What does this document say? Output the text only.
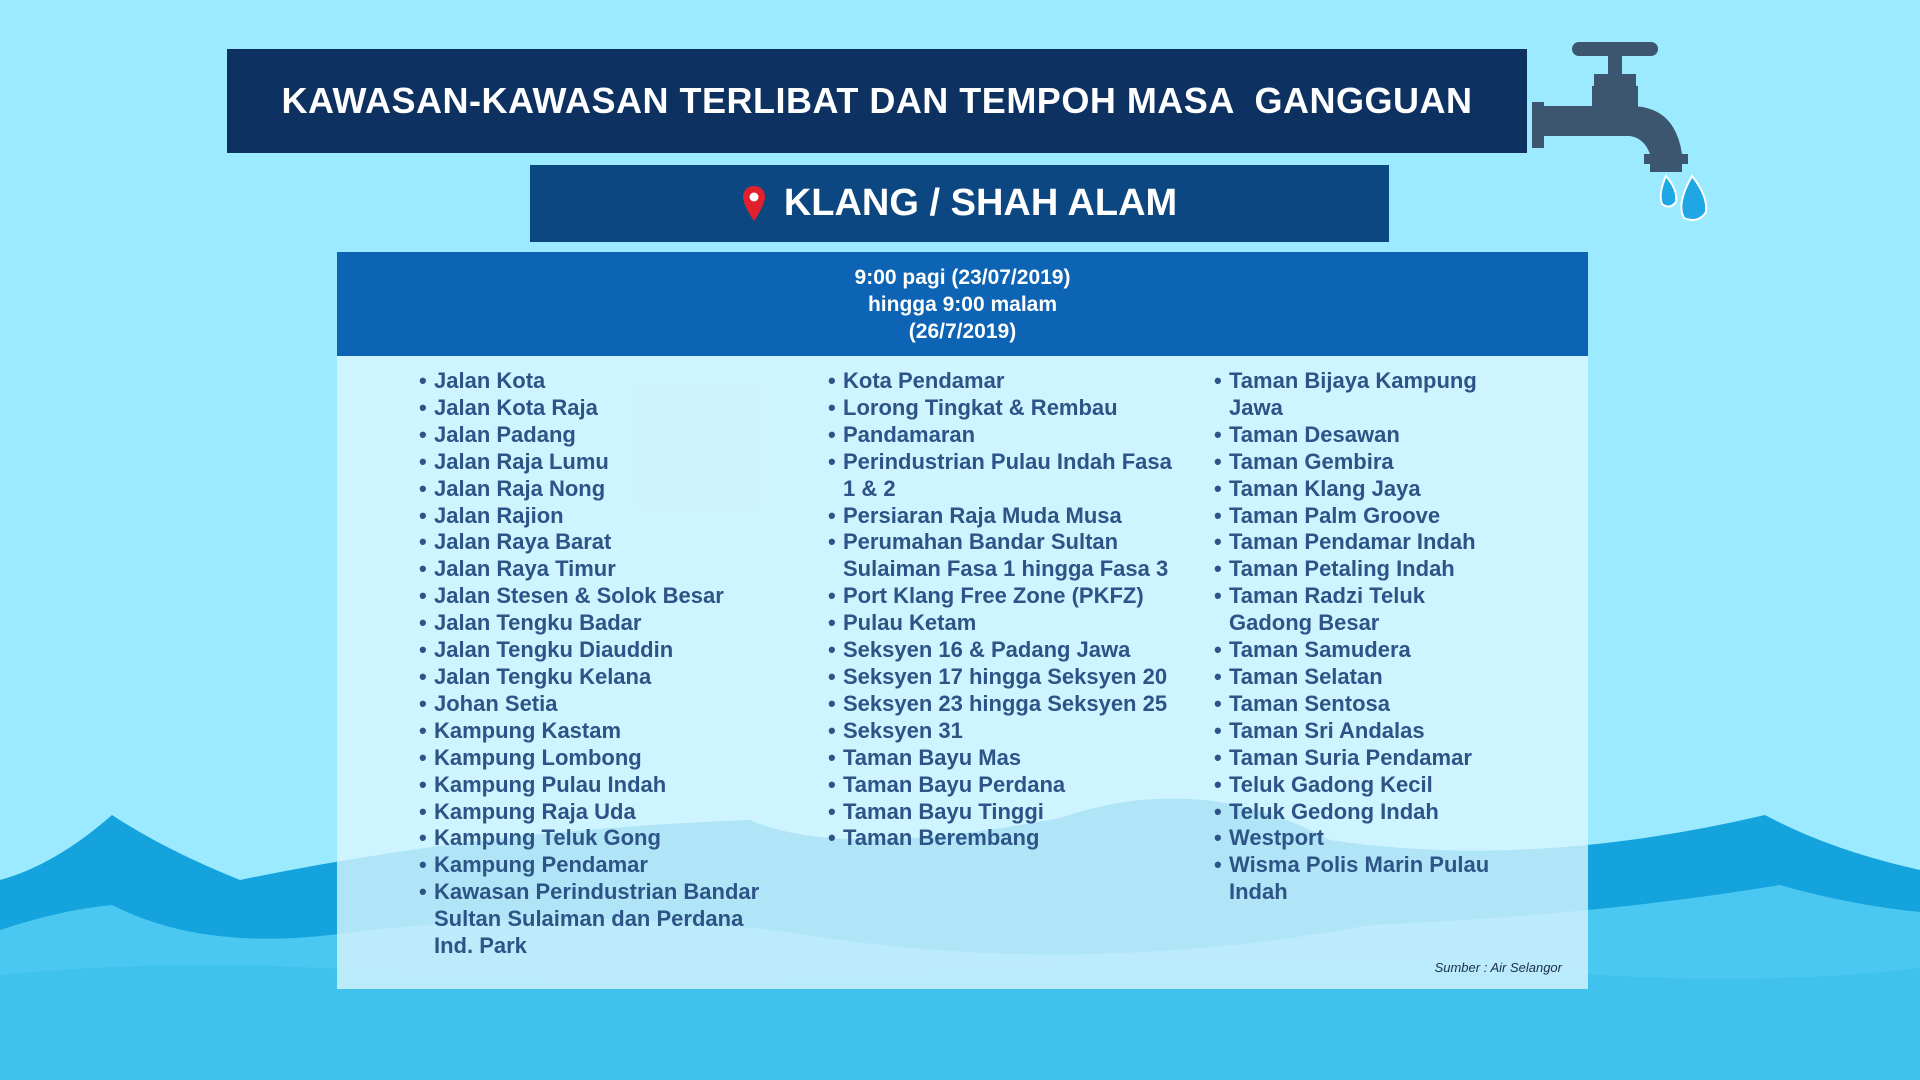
KAWASAN-KAWASAN TERLIBAT DAN TEMPOH MASA  GANGGUAN
KLANG / SHAH ALAM
9:00 pagi (23/07/2019)
hingga 9:00 malam
(26/7/2019)
• Jalan Kota
• Jalan Kota Raja
• Jalan Padang
• Jalan Raja Lumu
• Jalan Raja Nong
• Jalan Rajion
• Jalan Raya Barat
• Jalan Raya Timur
• Jalan Stesen & Solok Besar
• Jalan Tengku Badar
• Jalan Tengku Diauddin
• Jalan Tengku Kelana
• Johan Setia
• Kampung Kastam
• Kampung Lombong
• Kampung Pulau Indah
• Kampung Raja Uda
• Kampung Teluk Gong
• Kampung Pendamar
• Kawasan Perindustrian Bandar Sultan Sulaiman dan Perdana Ind. Park
• Kota Pendamar
• Lorong Tingkat & Rembau
• Pandamaran
• Perindustrian Pulau Indah Fasa 1 & 2
• Persiaran Raja Muda Musa
• Perumahan Bandar Sultan Sulaiman Fasa 1 hingga Fasa 3
• Port Klang Free Zone (PKFZ)
• Pulau Ketam
• Seksyen 16 & Padang Jawa
• Seksyen 17 hingga Seksyen 20
• Seksyen 23 hingga Seksyen 25
• Seksyen 31
• Taman Bayu Mas
• Taman Bayu Perdana
• Taman Bayu Tinggi
• Taman Berembang
• Taman Bijaya Kampung Jawa
• Taman Desawan
• Taman Gembira
• Taman Klang Jaya
• Taman Palm Groove
• Taman Pendamar Indah
• Taman Petaling Indah
• Taman Radzi Teluk Gadong Besar
• Taman Samudera
• Taman Selatan
• Taman Sentosa
• Taman Sri Andalas
• Taman Suria Pendamar
• Teluk Gadong Kecil
• Teluk Gedong Indah
• Westport
• Wisma Polis Marin Pulau Indah
Sumber : Air Selangor
